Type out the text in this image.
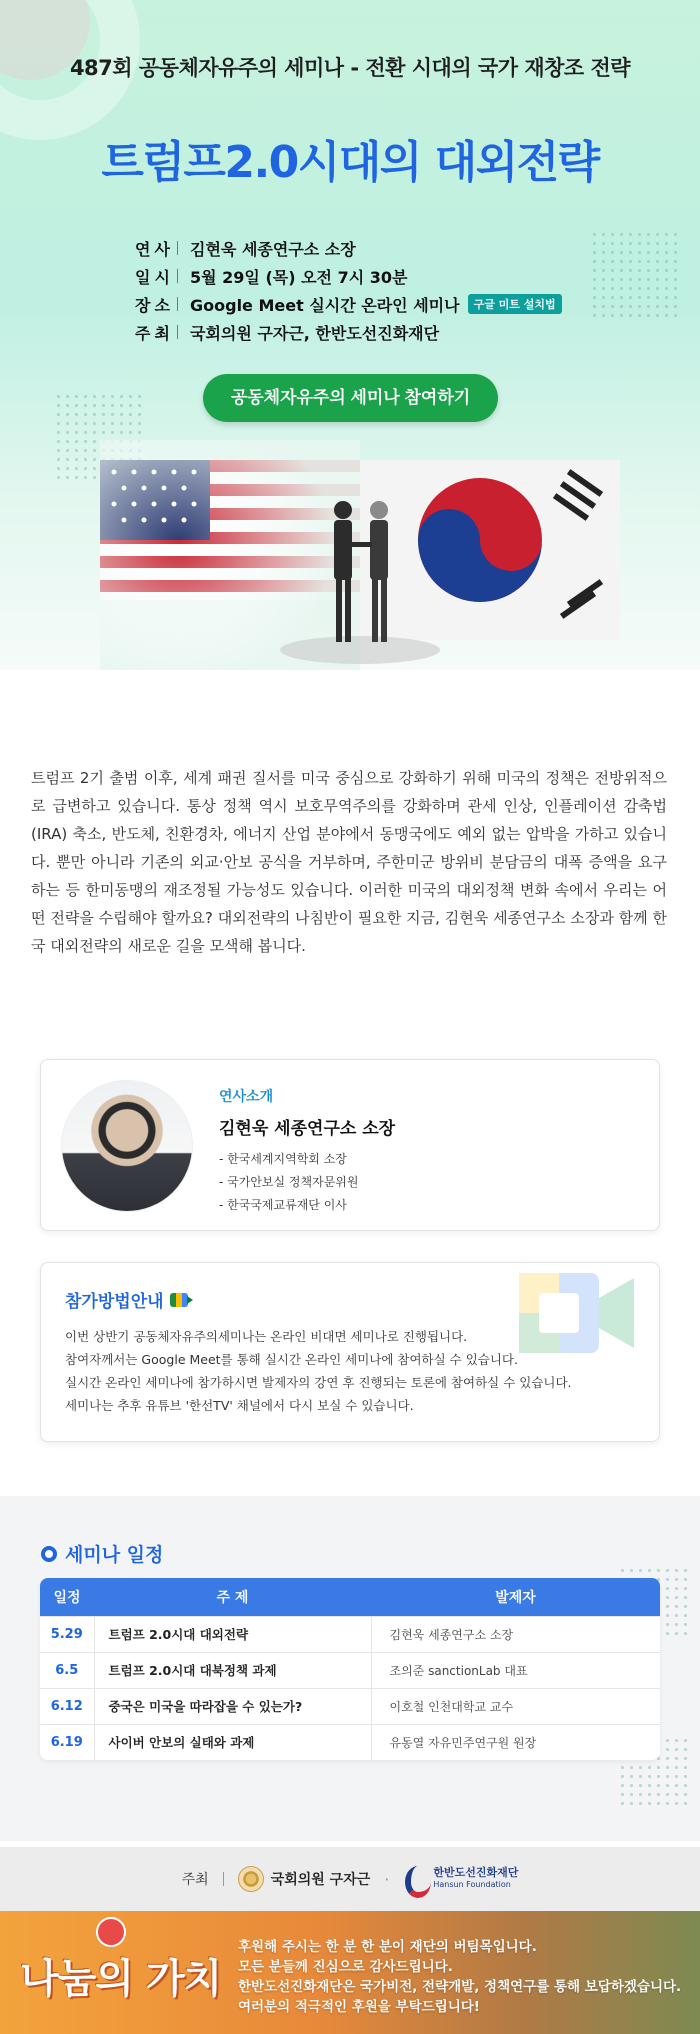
487회 공동체자유주의 세미나 - 전환 시대의 국가 재창조 전략
트럼프2.0시대의 대외전략
연사 김현욱 세종연구소 소장
일시 5월 29일 (목) 오전 7시 30분
장소 Google Meet 실시간 온라인 세미나	구글 미트 설치법
주최 국회의원 구자근, 한반도선진화재단
공동체자유주의 세미나 참여하기

트럼프 2기 출범 이후, 세계 패권 질서를 미국 중심으로 강화하기 위해 미국의 정책은 전방위적으로 급변하고 있습니다. 통상 정책 역시 보호무역주의를 강화하며 관세 인상, 인플레이션 감축법(IRA) 축소, 반도체, 친환경차, 에너지 산업 분야에서 동맹국에도 예외 없는 압박을 가하고 있습니다. 뿐만 아니라 기존의 외교·안보 공식을 거부하며, 주한미군 방위비 분담금의 대폭 증액을 요구하는 등 한미동맹의 재조정될 가능성도 있습니다. 이러한 미국의 대외정책 변화 속에서 우리는 어떤 전략을 수립해야 할까요? 대외전략의 나침반이 필요한 지금, 김현욱 세종연구소 소장과 함께 한국 대외전략의 새로운 길을 모색해 봅니다.

연사소개
김현욱 세종연구소 소장
- 한국세계지역학회 소장
- 국가안보실 정책자문위원
- 한국국제교류재단 이사
참가방법안내
이번 상반기 공동체자유주의세미나는 온라인 비대면 세미나로 진행됩니다.
참여자께서는 Google Meet를 통해 실시간 온라인 세미나에 참여하실 수 있습니다.
실시간 온라인 세미나에 참가하시면 발제자의 강연 후 진행되는 토론에 참여하실 수 있습니다.
세미나는 추후 유튜브 '한선TV' 채널에서 다시 보실 수 있습니다.
세미나 일정
일정	주 제	발제자
5.29	트럼프 2.0시대 대외전략	김현욱 세종연구소 소장
6.5	트럼프 2.0시대 대북정책 과제	조의준 sanctionLab 대표
6.12	중국은 미국을 따라잡을 수 있는가?	이호철 인천대학교 교수
6.19	사이버 안보의 실태와 과제	유동열 자유민주연구원 원장
주최	국회의원 구자근 ·	한반도선진화재단
Hansun Foundation
나눔의 가치
후원해 주시는 한 분 한 분이 재단의 버팀목입니다.
모든 분들께 진심으로 감사드립니다.
한반도선진화재단은 국가비전, 전략개발, 정책연구를 통해 보답하겠습니다.
여러분의 적극적인 후원을 부탁드립니다!
